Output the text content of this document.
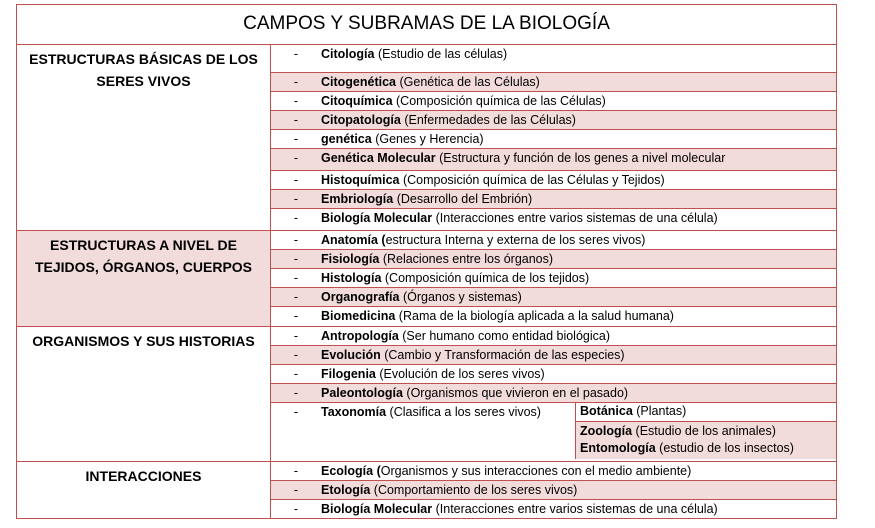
CAMPOS Y SUBRAMAS DE LA BIOLOGÍA
ESTRUCTURAS BÁSICAS DE LOS SERES VIVOS
-	Citología (Estudio de las células)
-	Citogenética (Genética de las Células)
-	Citoquímica (Composición química de las Células)
-	Citopatología (Enfermedades de las Células)
-	genética (Genes y Herencia)
-	Genética Molecular (Estructura y función de los genes a nivel molecular
-	Histoquímica (Composición química de las Células y Tejidos)
-	Embriología (Desarrollo del Embrión)
-	Biología Molecular (Interacciones entre varios sistemas de una célula)
ESTRUCTURAS A NIVEL DE TEJIDOS, ÓRGANOS, CUERPOS
-	Anatomía (estructura Interna y externa de los seres vivos)
-	Fisiología (Relaciones entre los órganos)
-	Histología (Composición química de los tejidos)
-	Organografía (Órganos y sistemas)
-	Biomedicina (Rama de la biología aplicada a la salud humana)
ORGANISMOS Y SUS HISTORIAS	-	Antropología (Ser humano como entidad biológica)
-	Evolución (Cambio y Transformación de las especies)
-	Filogenia (Evolución de los seres vivos)
-	Paleontología (Organismos que vivieron en el pasado)
-	Taxonomía (Clasifica a los seres vivos)	Botánica (Plantas)
Zoología (Estudio de los animales)
Entomología (estudio de los insectos)
INTERACCIONES	-	Ecología (Organismos y sus interacciones con el medio ambiente)
-	Etología (Comportamiento de los seres vivos)
-	Biología Molecular (Interacciones entre varios sistemas de una célula)
